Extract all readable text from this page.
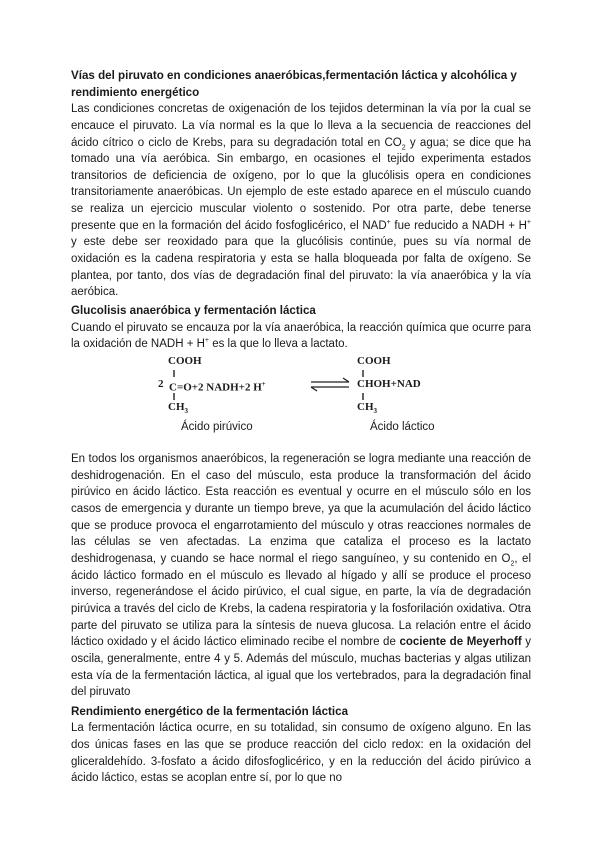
Vías del piruvato en condiciones anaeróbicas,fermentación láctica y alcohólica y rendimiento energético

Las condiciones concretas de oxigenación de los tejidos determinan la vía por la cual se encauce el piruvato. La vía normal es la que lo lleva a la secuencia de reacciones del ácido cítrico o ciclo de Krebs, para su degradación total en $CO_2$ y agua; se dice que ha tomado una vía aeróbica. Sin embargo, en ocasiones el tejido experimenta estados transitorios de deficiencia de oxígeno, por lo que la glucólisis opera en condiciones transitoriamente anaeróbicas. Un ejemplo de este estado aparece en el músculo cuando se realiza un ejercicio muscular violento o sostenido. Por otra parte, debe tenerse presente que en la formación del ácido fosfoglicérico, el NAD+ fue reducido a NADH + H+ y este debe ser reoxidado para que la glucólisis continúe, pues su vía normal de oxidación es la cadena respiratoria y esta se halla bloqueada por falta de oxígeno. Se plantea, por tanto, dos vías de degradación final del piruvato: la vía anaeróbica y la vía aeróbica.

Glucolisis anaeróbica y fermentación láctica

Cuando el piruvato se encauza por la vía anaeróbica, la reacción química que ocurre para la oxidación de NADH + H+ es la que lo lleva a lactato.

COOH
2 C=O+2 NADH+2 H+
$CH_3$
COOH
CHOH+NAD
$CH_3$
Ácido pirúvico	Ácido láctico

En todos los organismos anaeróbicos, la regeneración se logra mediante una reacción de deshidrogenación. En el caso del músculo, esta produce la transformación del ácido pirúvico en ácido láctico. Esta reacción es eventual y ocurre en el músculo sólo en los casos de emergencia y durante un tiempo breve, ya que la acumulación del ácido láctico que se produce provoca el engarrotamiento del músculo y otras reacciones normales de las células se ven afectadas. La enzima que cataliza el proceso es la lactato deshidrogenasa, y cuando se hace normal el riego sanguíneo, y su contenido en $O_2$, el ácido láctico formado en el músculo es llevado al hígado y allí se produce el proceso inverso, regenerándose el ácido pirúvico, el cual sigue, en parte, la vía de degradación pirúvica a través del ciclo de Krebs, la cadena respiratoria y la fosforilación oxidativa. Otra parte del piruvato se utiliza para la síntesis de nueva glucosa. La relación entre el ácido láctico oxidado y el ácido láctico eliminado recibe el nombre de cociente de Meyerhoff y oscila, generalmente, entre 4 y 5. Además del músculo, muchas bacterias y algas utilizan esta vía de la fermentación láctica, al igual que los vertebrados, para la degradación final del piruvato

Rendimiento energético de la fermentación láctica

La fermentación láctica ocurre, en su totalidad, sin consumo de oxígeno alguno. En las dos únicas fases en las que se produce reacción del ciclo redox: en la oxidación del gliceraldehído. 3-fosfato a ácido difosfoglicérico, y en la reducción del ácido pirúvico a ácido láctico, estas se acoplan entre sí, por lo que no
